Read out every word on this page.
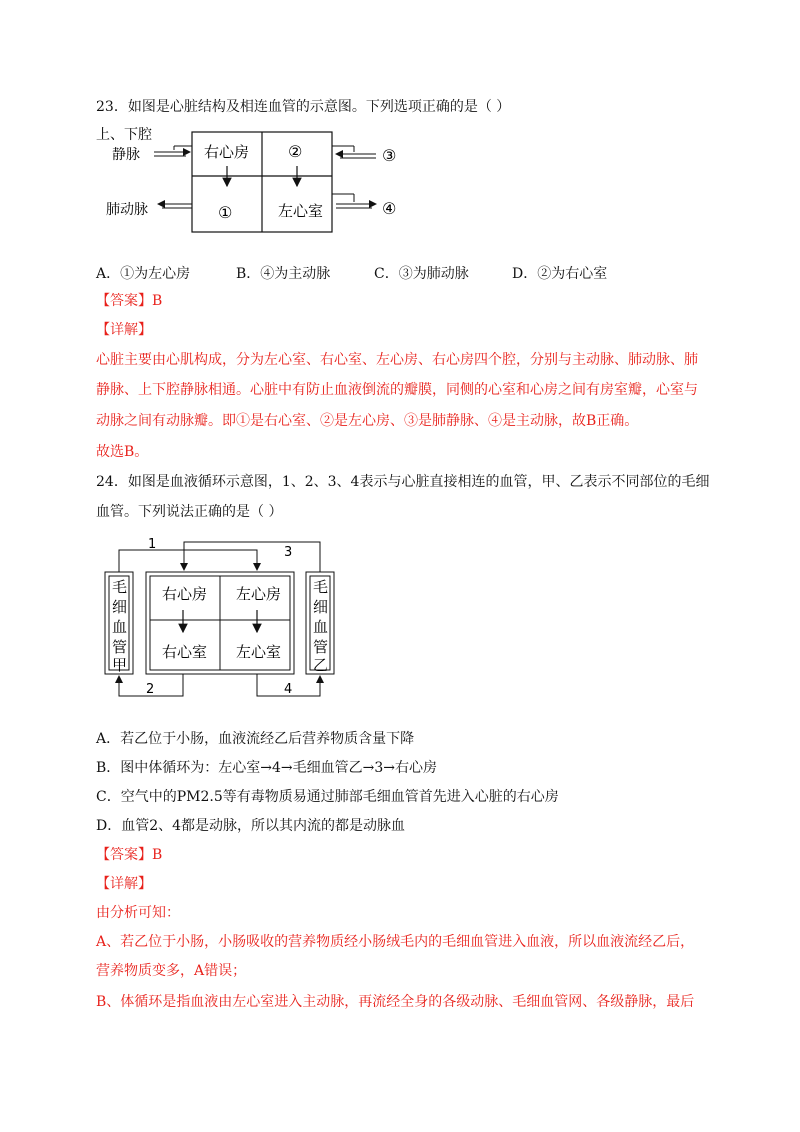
23．如图是心脏结构及相连血管的示意图。下列选项正确的是（ ）
上、下腔
静脉	右心房 ②	③
①	左心室
肺动脉	④
A．①为左心房	B．④为主动脉	C．③为肺动脉	D．②为右心室
【答案】B
【详解】
心脏主要由心肌构成，分为左心室、右心室、左心房、右心房四个腔，分别与主动脉、肺动脉、肺
静脉、上下腔静脉相通。心脏中有防止血液倒流的瓣膜，同侧的心室和心房之间有房室瓣，心室与
动脉之间有动脉瓣。即①是右心室、②是左心房、③是肺静脉、④是主动脉，故B正确。
故选B。
24．如图是血液循环示意图，1、2、3、4表示与心脏直接相连的血管，甲、乙表示不同部位的毛细
血管。下列说法正确的是（ ）
右心房 左心房
右心室 左心室
毛
细
血
管
甲
毛
细
血
管
乙
1
3
2	4
A．若乙位于小肠，血液流经乙后营养物质含量下降
B．图中体循环为：左心室→4→毛细血管乙→3→右心房
C．空气中的PM2.5等有毒物质易通过肺部毛细血管首先进入心脏的右心房
D．血管2、4都是动脉，所以其内流的都是动脉血
【答案】B
【详解】
由分析可知：
A、若乙位于小肠，小肠吸收的营养物质经小肠绒毛内的毛细血管进入血液，所以血液流经乙后，
营养物质变多，A错误；
B、体循环是指血液由左心室进入主动脉，再流经全身的各级动脉、毛细血管网、各级静脉，最后
